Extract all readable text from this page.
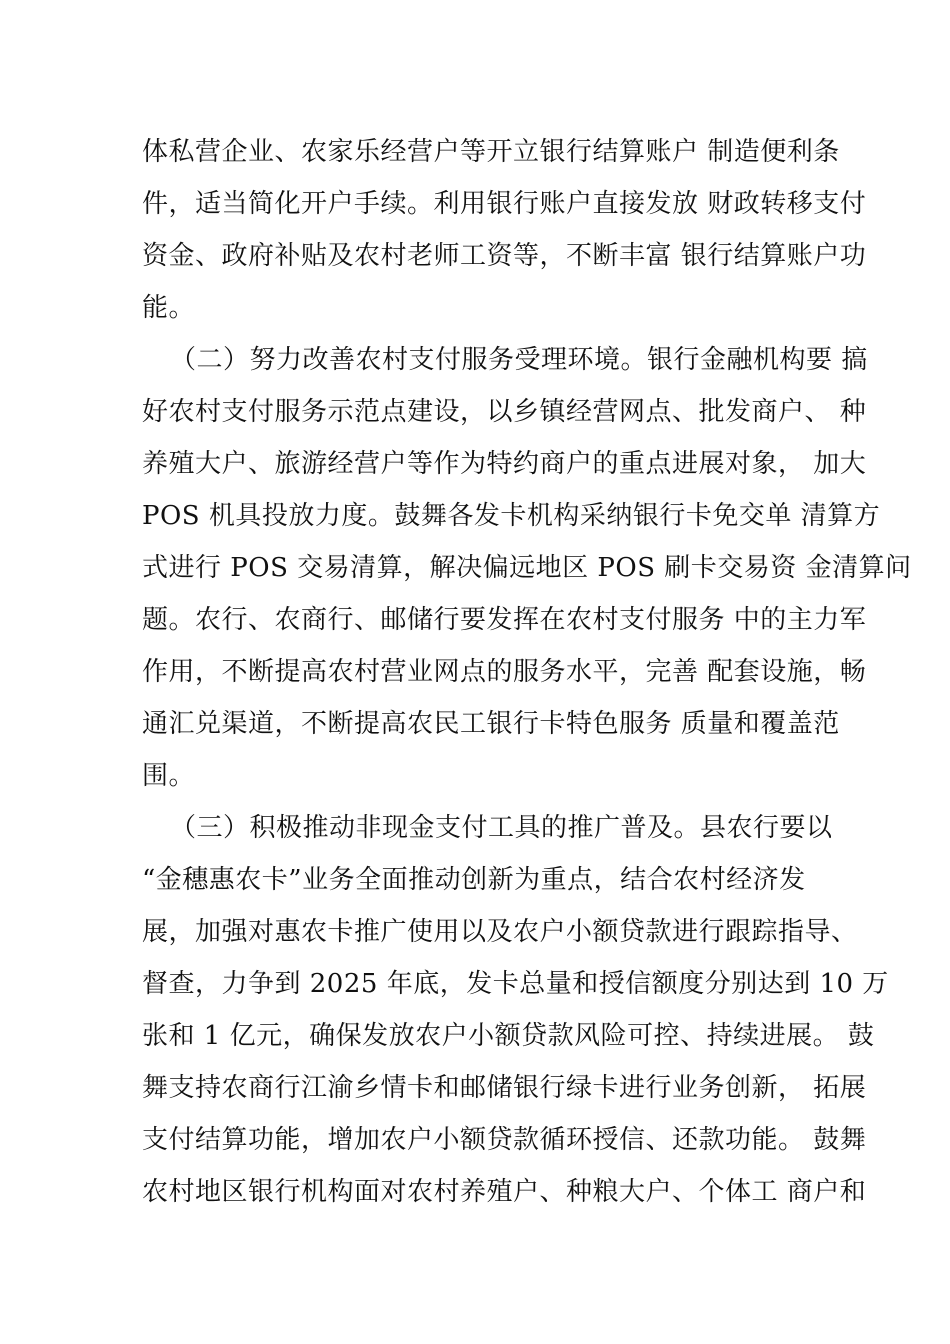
体私营企业、农家乐经营户等开立银行结算账户 制造便利条
件，适当简化开户手续。利用银行账户直接发放 财政转移支付
资金、政府补贴及农村老师工资等，不断丰富 银行结算账户功
能。
（二）努力改善农村支付服务受理环境。银行金融机构要 搞
好农村支付服务示范点建设，以乡镇经营网点、批发商户、 种
养殖大户、旅游经营户等作为特约商户的重点进展对象， 加大
POS 机具投放力度。鼓舞各发卡机构采纳银行卡免交单 清算方
式进行 POS 交易清算，解决偏远地区 POS 刷卡交易资 金清算问
题。农行、农商行、邮储行要发挥在农村支付服务 中的主力军
作用，不断提高农村营业网点的服务水平，完善 配套设施，畅
通汇兑渠道，不断提高农民工银行卡特色服务 质量和覆盖范
围。
（三）积极推动非现金支付工具的推广普及。县农行要以
“金穗惠农卡”业务全面推动创新为重点，结合农村经济发
展，加强对惠农卡推广使用以及农户小额贷款进行跟踪指导、
督查，力争到 2025 年底，发卡总量和授信额度分别达到 10 万
张和 1 亿元，确保发放农户小额贷款风险可控、持续进展。 鼓
舞支持农商行江渝乡情卡和邮储银行绿卡进行业务创新， 拓展
支付结算功能，增加农户小额贷款循环授信、还款功能。 鼓舞
农村地区银行机构面对农村养殖户、种粮大户、个体工 商户和
